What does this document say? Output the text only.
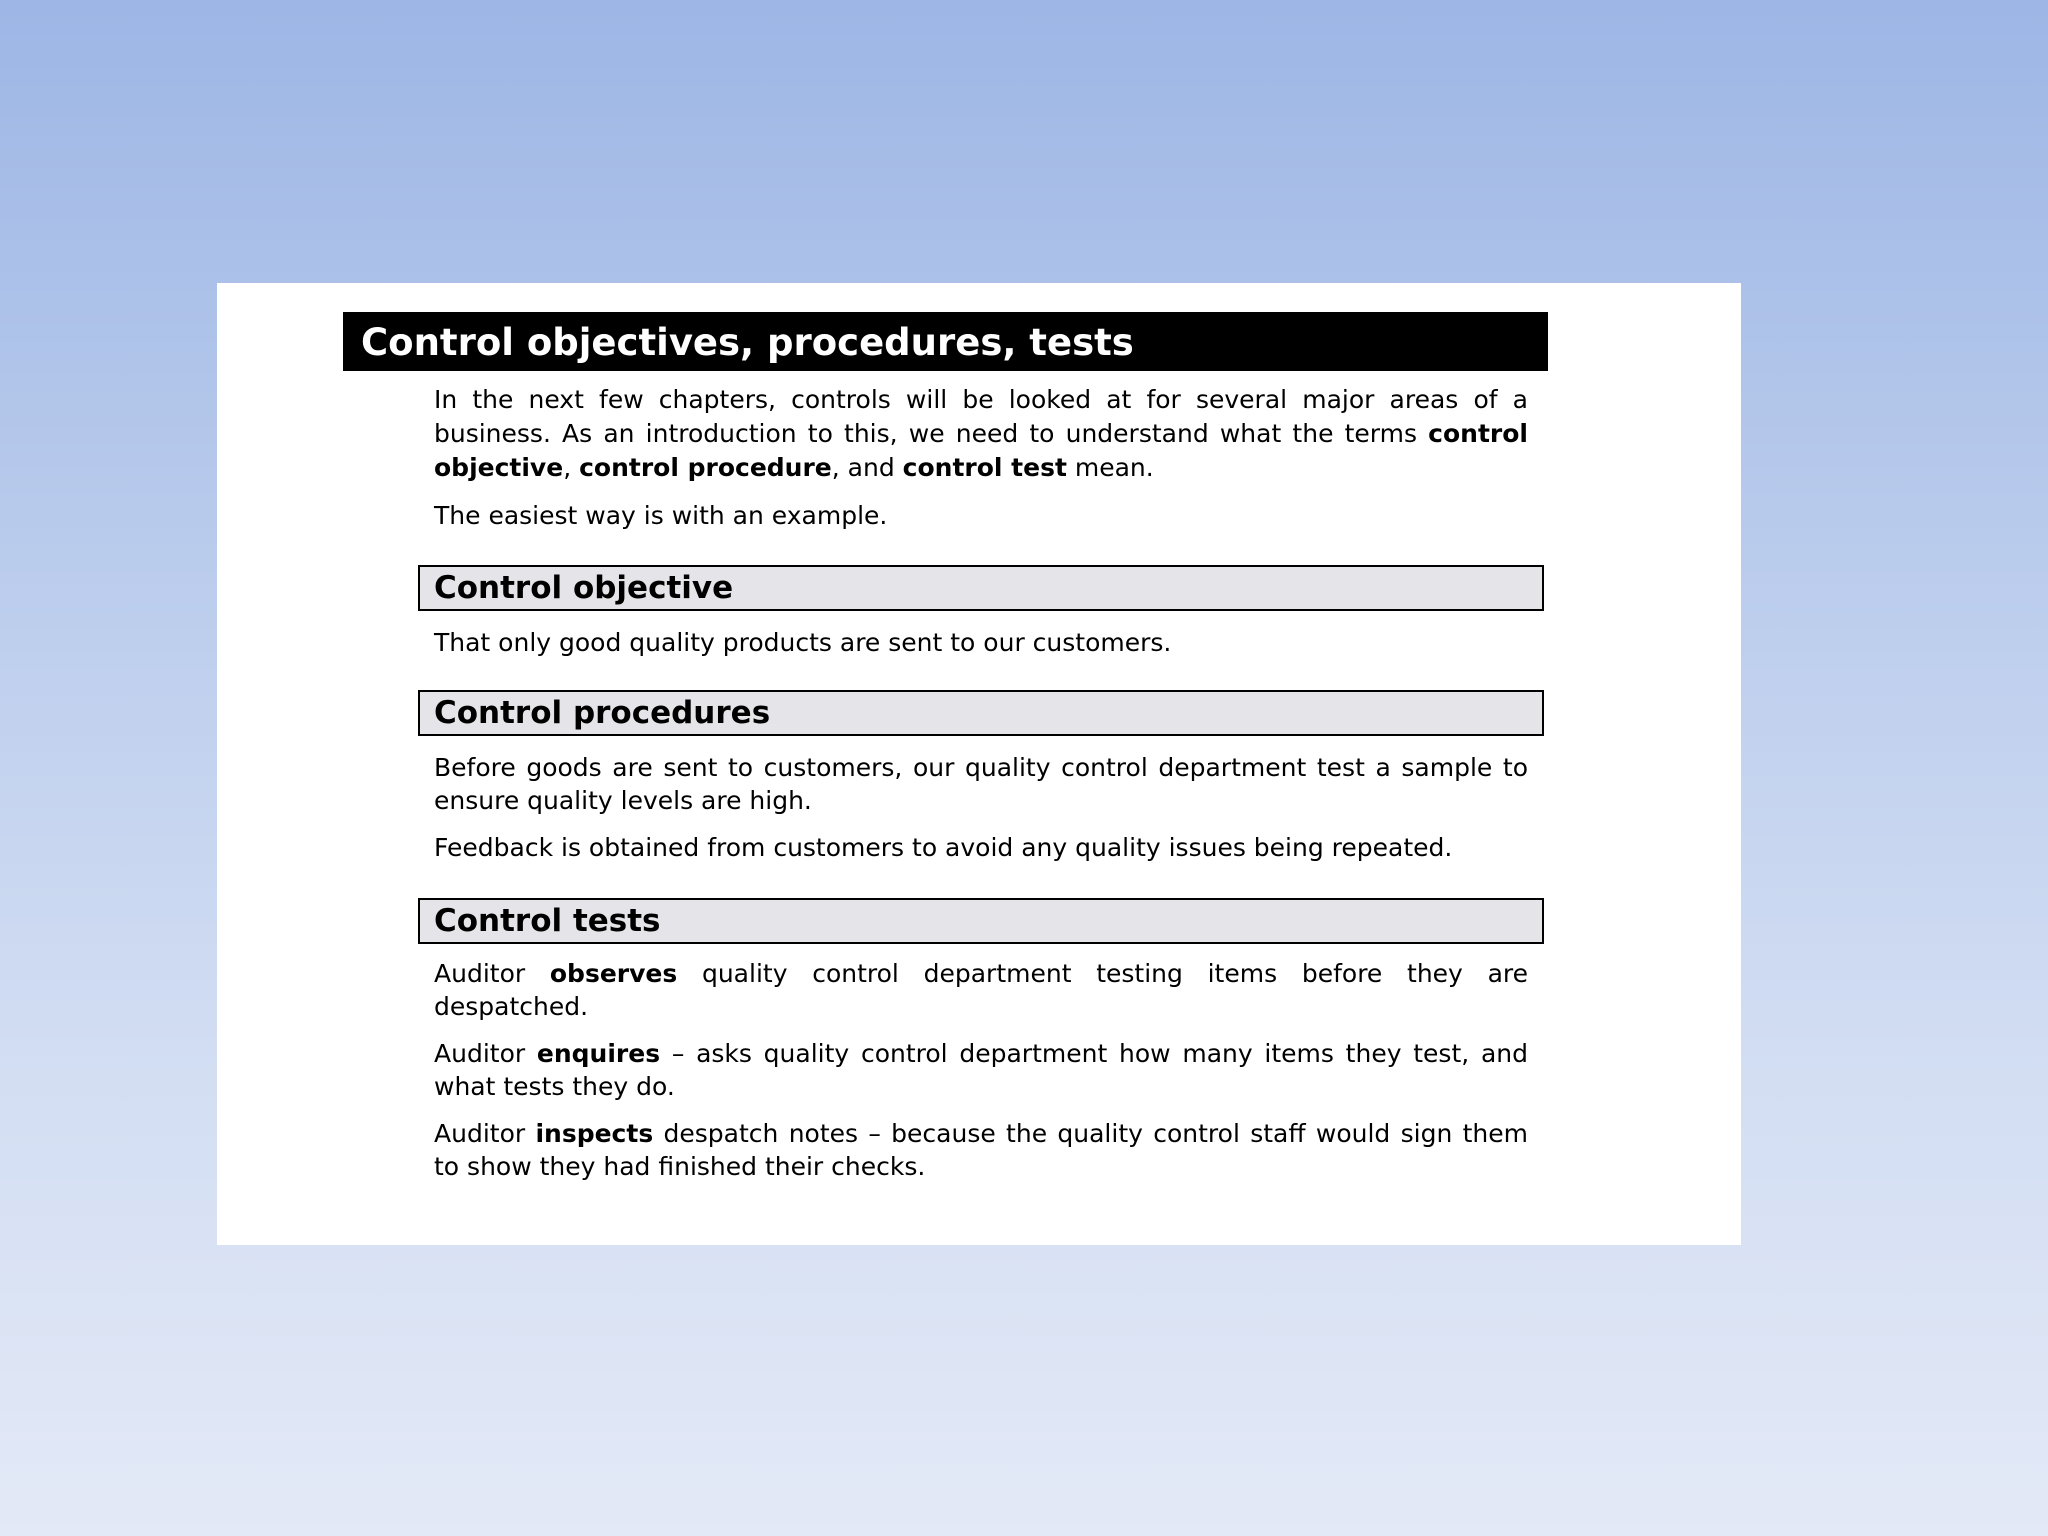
Control objectives, procedures, tests

In the next few chapters, controls will be looked at for several major areas of a business. As an introduction to this, we need to understand what the terms control objective, control procedure, and control test mean.

The easiest way is with an example.

Control objective

That only good quality products are sent to our customers.

Control procedures

Before goods are sent to customers, our quality control department test a sample to ensure quality levels are high.

Feedback is obtained from customers to avoid any quality issues being repeated.

Control tests

Auditor observes quality control department testing items before they are despatched.

Auditor enquires – asks quality control department how many items they test, and what tests they do.

Auditor inspects despatch notes – because the quality control staff would sign them to show they had finished their checks.
